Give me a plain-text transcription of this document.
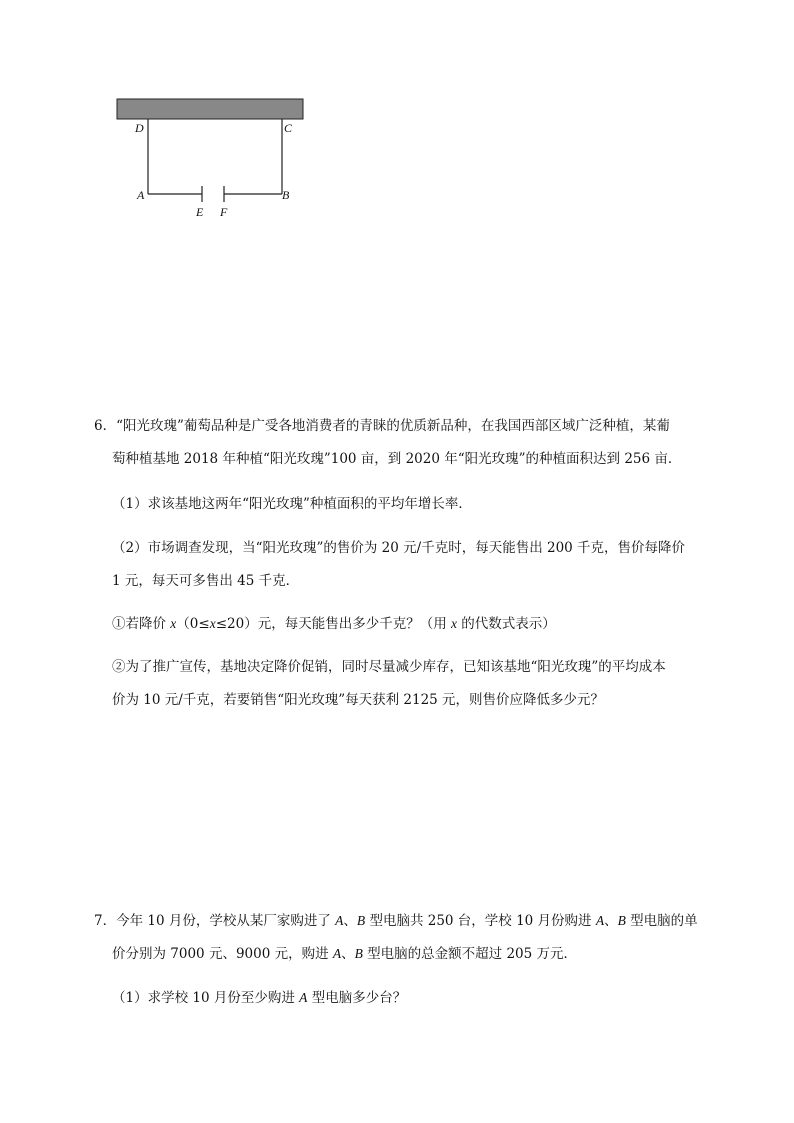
D	C
A	B
E F
6．“阳光玫瑰”葡萄品种是广受各地消费者的青睐的优质新品种，在我国西部区域广泛种植，某葡
萄种植基地 2018 年种植“阳光玫瑰”100 亩，到 2020 年“阳光玫瑰”的种植面积达到 256 亩．
（1）求该基地这两年“阳光玫瑰”种植面积的平均年增长率．
（2）市场调查发现，当“阳光玫瑰”的售价为 20 元/千克时，每天能售出 200 千克，售价每降价
1 元，每天可多售出 45 千克．
①若降价 x（0≤x≤20）元，每天能售出多少千克？（用 x 的代数式表示）
②为了推广宣传，基地决定降价促销，同时尽量减少库存，已知该基地“阳光玫瑰”的平均成本
价为 10 元/千克，若要销售“阳光玫瑰”每天获利 2125 元，则售价应降低多少元？
7．今年 10 月份，学校从某厂家购进了 A、B 型电脑共 250 台，学校 10 月份购进 A、B 型电脑的单
价分别为 7000 元、9000 元，购进 A、B 型电脑的总金额不超过 205 万元．
（1）求学校 10 月份至少购进 A 型电脑多少台？
